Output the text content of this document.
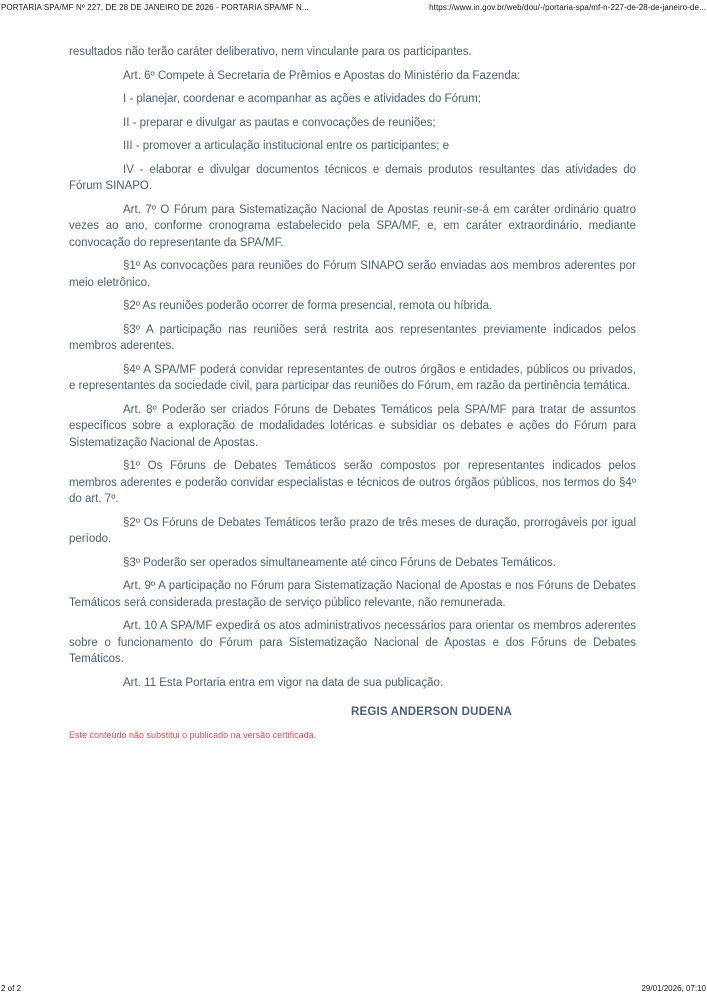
PORTARIA SPA/MF Nº 227, DE 28 DE JANEIRO DE 2026 - PORTARIA SPA/MF N...	https://www.in.gov.br/web/dou/-/portaria-spa/mf-n-227-de-28-de-janeiro-de...

resultados não terão caráter deliberativo, nem vinculante para os participantes.

Art. 6º Compete à Secretaria de Prêmios e Apostas do Ministério da Fazenda:

I - planejar, coordenar e acompanhar as ações e atividades do Fórum;

II - preparar e divulgar as pautas e convocações de reuniões;

III - promover a articulação institucional entre os participantes; e

IV - elaborar e divulgar documentos técnicos e demais produtos resultantes das atividades do Fórum SINAPO.

Art. 7º O Fórum para Sistematização Nacional de Apostas reunir-se-á em caráter ordinário quatro vezes ao ano, conforme cronograma estabelecido pela SPA/MF, e, em caráter extraordinário, mediante convocação do representante da SPA/MF.

§1º As convocações para reuniões do Fórum SINAPO serão enviadas aos membros aderentes por meio eletrônico.

§2º As reuniões poderão ocorrer de forma presencial, remota ou híbrida.

§3º A participação nas reuniões será restrita aos representantes previamente indicados pelos membros aderentes.

§4º A SPA/MF poderá convidar representantes de outros órgãos e entidades, públicos ou privados, e representantes da sociedade civil, para participar das reuniões do Fórum, em razão da pertinência temática.

Art. 8º Poderão ser criados Fóruns de Debates Temáticos pela SPA/MF para tratar de assuntos específicos sobre a exploração de modalidades lotéricas e subsidiar os debates e ações do Fórum para Sistematização Nacional de Apostas.

§1º Os Fóruns de Debates Temáticos serão compostos por representantes indicados pelos membros aderentes e poderão convidar especialistas e técnicos de outros órgãos públicos, nos termos do §4º do art. 7º.

§2º Os Fóruns de Debates Temáticos terão prazo de três meses de duração, prorrogáveis por igual período.

§3º Poderão ser operados simultaneamente até cinco Fóruns de Debates Temáticos.

Art. 9º A participação no Fórum para Sistematização Nacional de Apostas e nos Fóruns de Debates Temáticos será considerada prestação de serviço público relevante, não remunerada.

Art. 10 A SPA/MF expedirá os atos administrativos necessários para orientar os membros aderentes sobre o funcionamento do Fórum para Sistematização Nacional de Apostas e dos Fóruns de Debates Temáticos.

Art. 11 Esta Portaria entra em vigor na data de sua publicação.

REGIS ANDERSON DUDENA
Este conteúdo não substitui o publicado na versão certificada.
2 of 2	29/01/2026, 07:10
